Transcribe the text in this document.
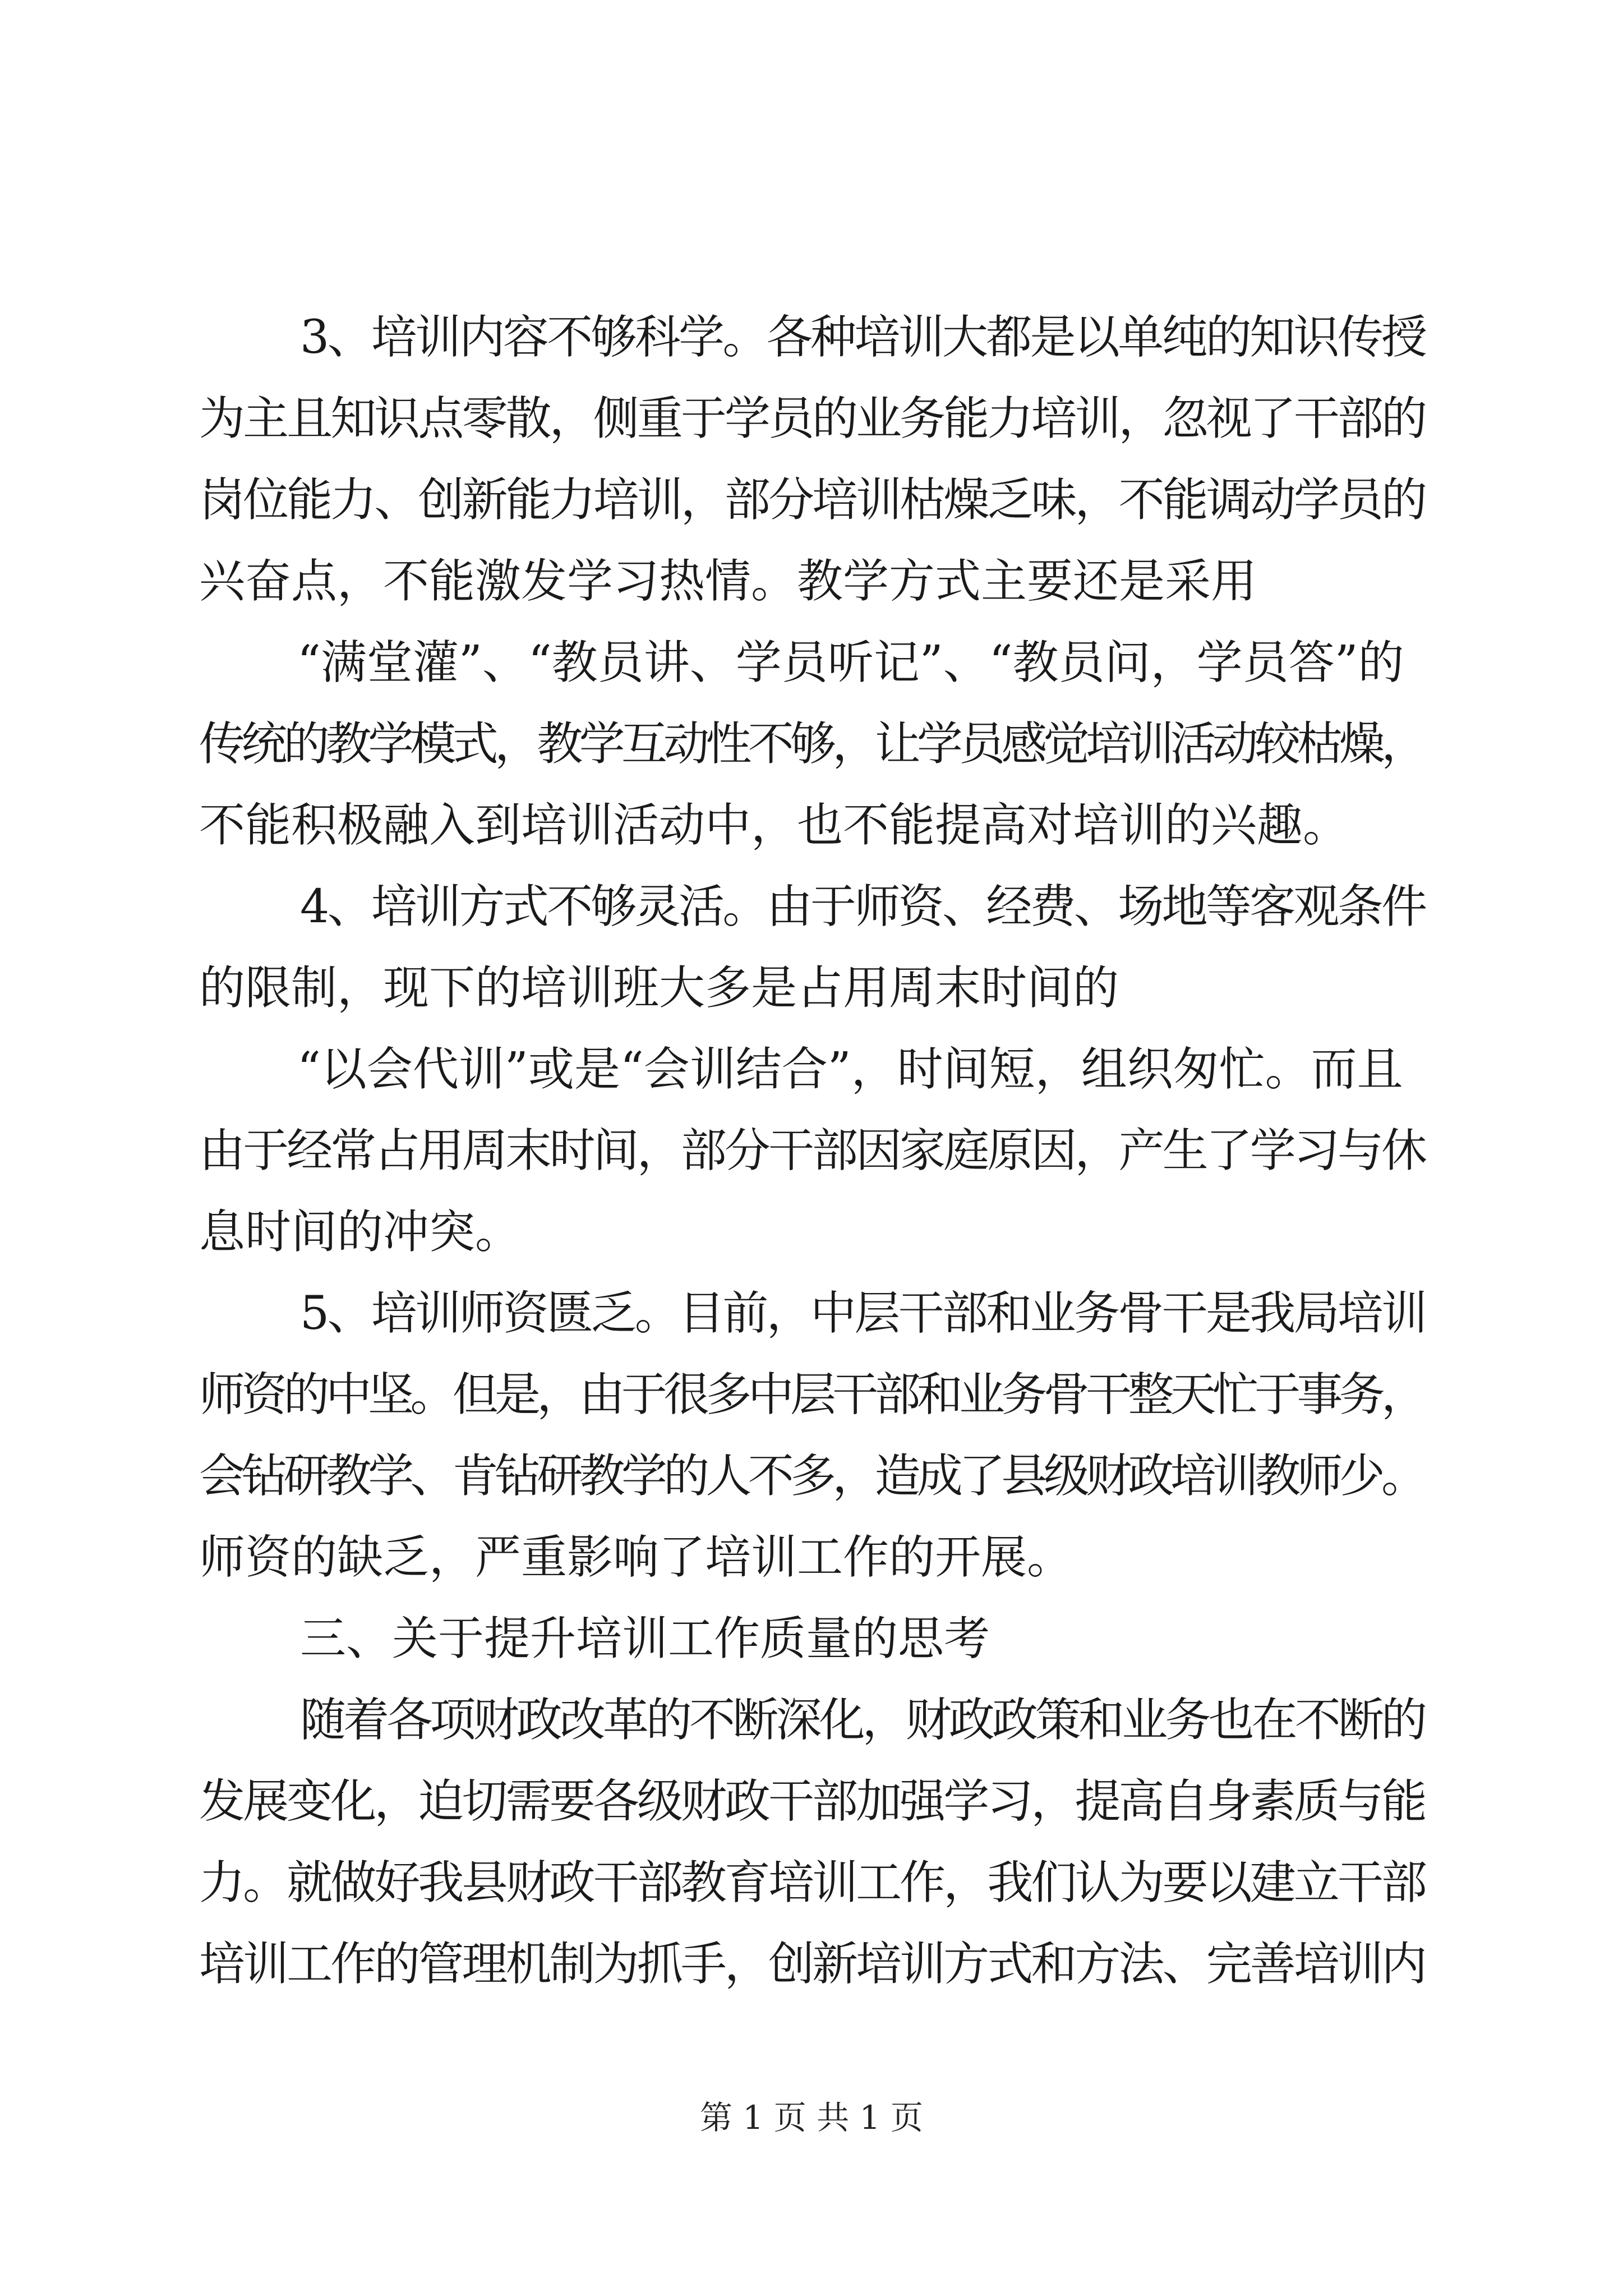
3、培训内容不够科学。各种培训大都是以单纯的知识传授
为主且知识点零散，侧重于学员的业务能力培训，忽视了干部的
岗位能力、创新能力培训，部分培训枯燥乏味，不能调动学员的
兴奋点，不能激发学习热情。教学方式主要还是采用
“满堂灌”、“教员讲、学员听记”、“教员问，学员答”的
传统的教学模式，教学互动性不够，让学员感觉培训活动较枯燥，
不能积极融入到培训活动中，也不能提高对培训的兴趣。
4、培训方式不够灵活。由于师资、经费、场地等客观条件
的限制，现下的培训班大多是占用周末时间的
“以会代训”或是“会训结合”，时间短，组织匆忙。而且
由于经常占用周末时间，部分干部因家庭原因，产生了学习与休
息时间的冲突。
5、培训师资匮乏。目前，中层干部和业务骨干是我局培训
师资的中坚。但是，由于很多中层干部和业务骨干整天忙于事务，
会钻研教学、肯钻研教学的人不多，造成了县级财政培训教师少。
师资的缺乏，严重影响了培训工作的开展。
三、关于提升培训工作质量的思考
随着各项财政改革的不断深化，财政政策和业务也在不断的
发展变化，迫切需要各级财政干部加强学习，提高自身素质与能
力。就做好我县财政干部教育培训工作，我们认为要以建立干部
培训工作的管理机制为抓手，创新培训方式和方法、完善培训内
第 1 页 共 1 页
